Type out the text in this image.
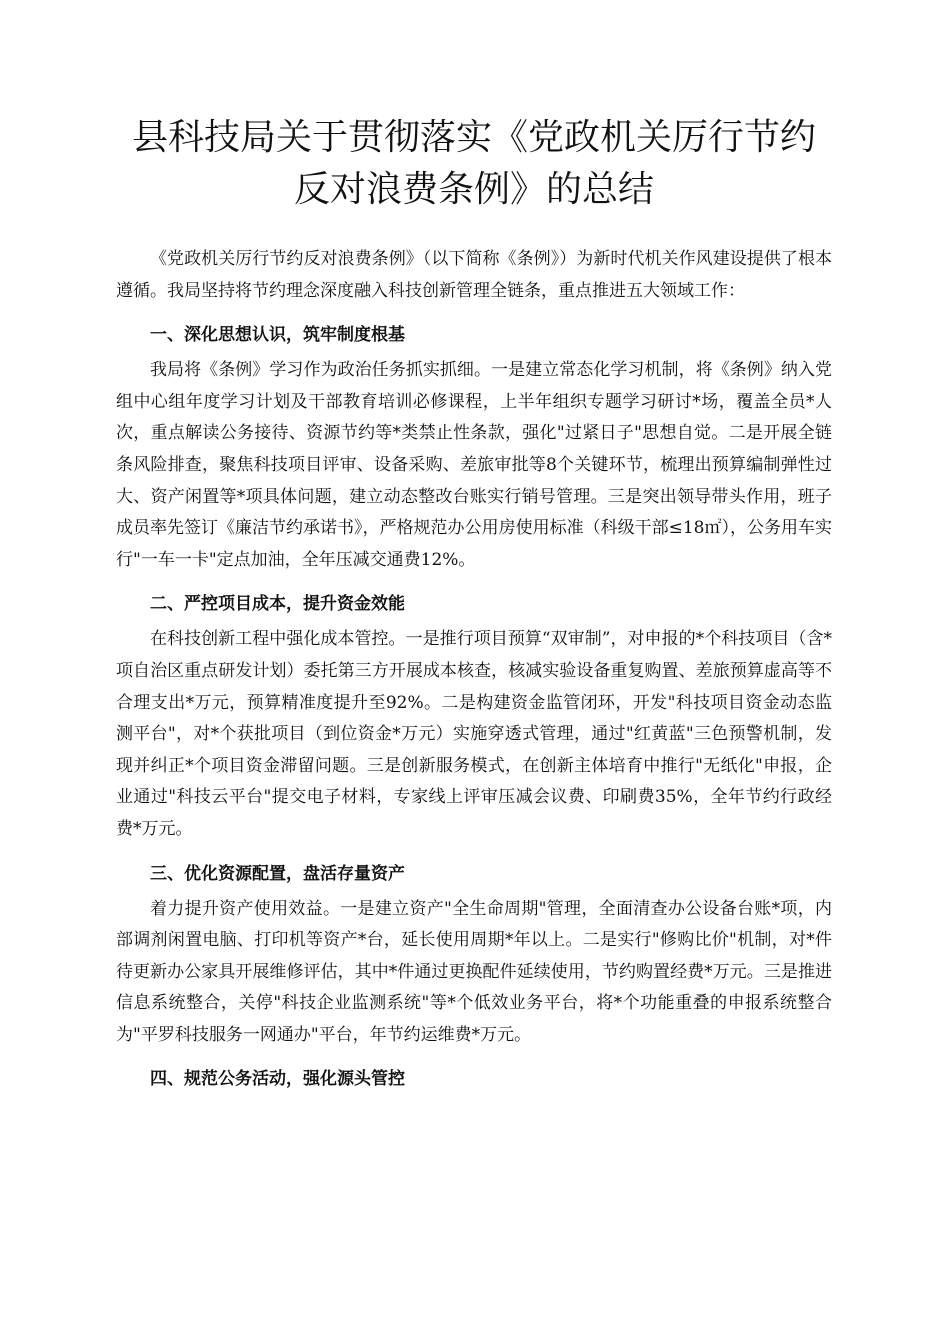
县科技局关于贯彻落实《党政机关厉行节约反对浪费条例》的总结

《党政机关厉行节约反对浪费条例》（以下简称《条例》）为新时代机关作风建设提供了根本遵循。我局坚持将节约理念深度融入科技创新管理全链条，重点推进五大领域工作：

一、深化思想认识，筑牢制度根基

我局将《条例》学习作为政治任务抓实抓细。一是建立常态化学习机制，将《条例》纳入党组中心组年度学习计划及干部教育培训必修课程，上半年组织专题学习研讨*场，覆盖全员*人次，重点解读公务接待、资源节约等*类禁止性条款，强化"过紧日子"思想自觉。二是开展全链条风险排查，聚焦科技项目评审、设备采购、差旅审批等8个关键环节，梳理出预算编制弹性过大、资产闲置等*项具体问题，建立动态整改台账实行销号管理。三是突出领导带头作用，班子成员率先签订《廉洁节约承诺书》，严格规范办公用房使用标准（科级干部≤18㎡），公务用车实行"一车一卡"定点加油，全年压减交通费12%。

二、严控项目成本，提升资金效能

在科技创新工程中强化成本管控。一是推行项目预算“双审制”，对申报的*个科技项目（含*项自治区重点研发计划）委托第三方开展成本核查，核减实验设备重复购置、差旅预算虚高等不合理支出*万元，预算精准度提升至92%。二是构建资金监管闭环，开发"科技项目资金动态监测平台"，对*个获批项目（到位资金*万元）实施穿透式管理，通过"红黄蓝"三色预警机制，发现并纠正*个项目资金滞留问题。三是创新服务模式，在创新主体培育中推行"无纸化"申报，企业通过"科技云平台"提交电子材料，专家线上评审压减会议费、印刷费35%，全年节约行政经费*万元。

三、优化资源配置，盘活存量资产

着力提升资产使用效益。一是建立资产"全生命周期"管理，全面清查办公设备台账*项，内部调剂闲置电脑、打印机等资产*台，延长使用周期*年以上。二是实行"修购比价"机制，对*件待更新办公家具开展维修评估，其中*件通过更换配件延续使用，节约购置经费*万元。三是推进信息系统整合，关停"科技企业监测系统"等*个低效业务平台，将*个功能重叠的申报系统整合为"平罗科技服务一网通办"平台，年节约运维费*万元。

四、规范公务活动，强化源头管控
